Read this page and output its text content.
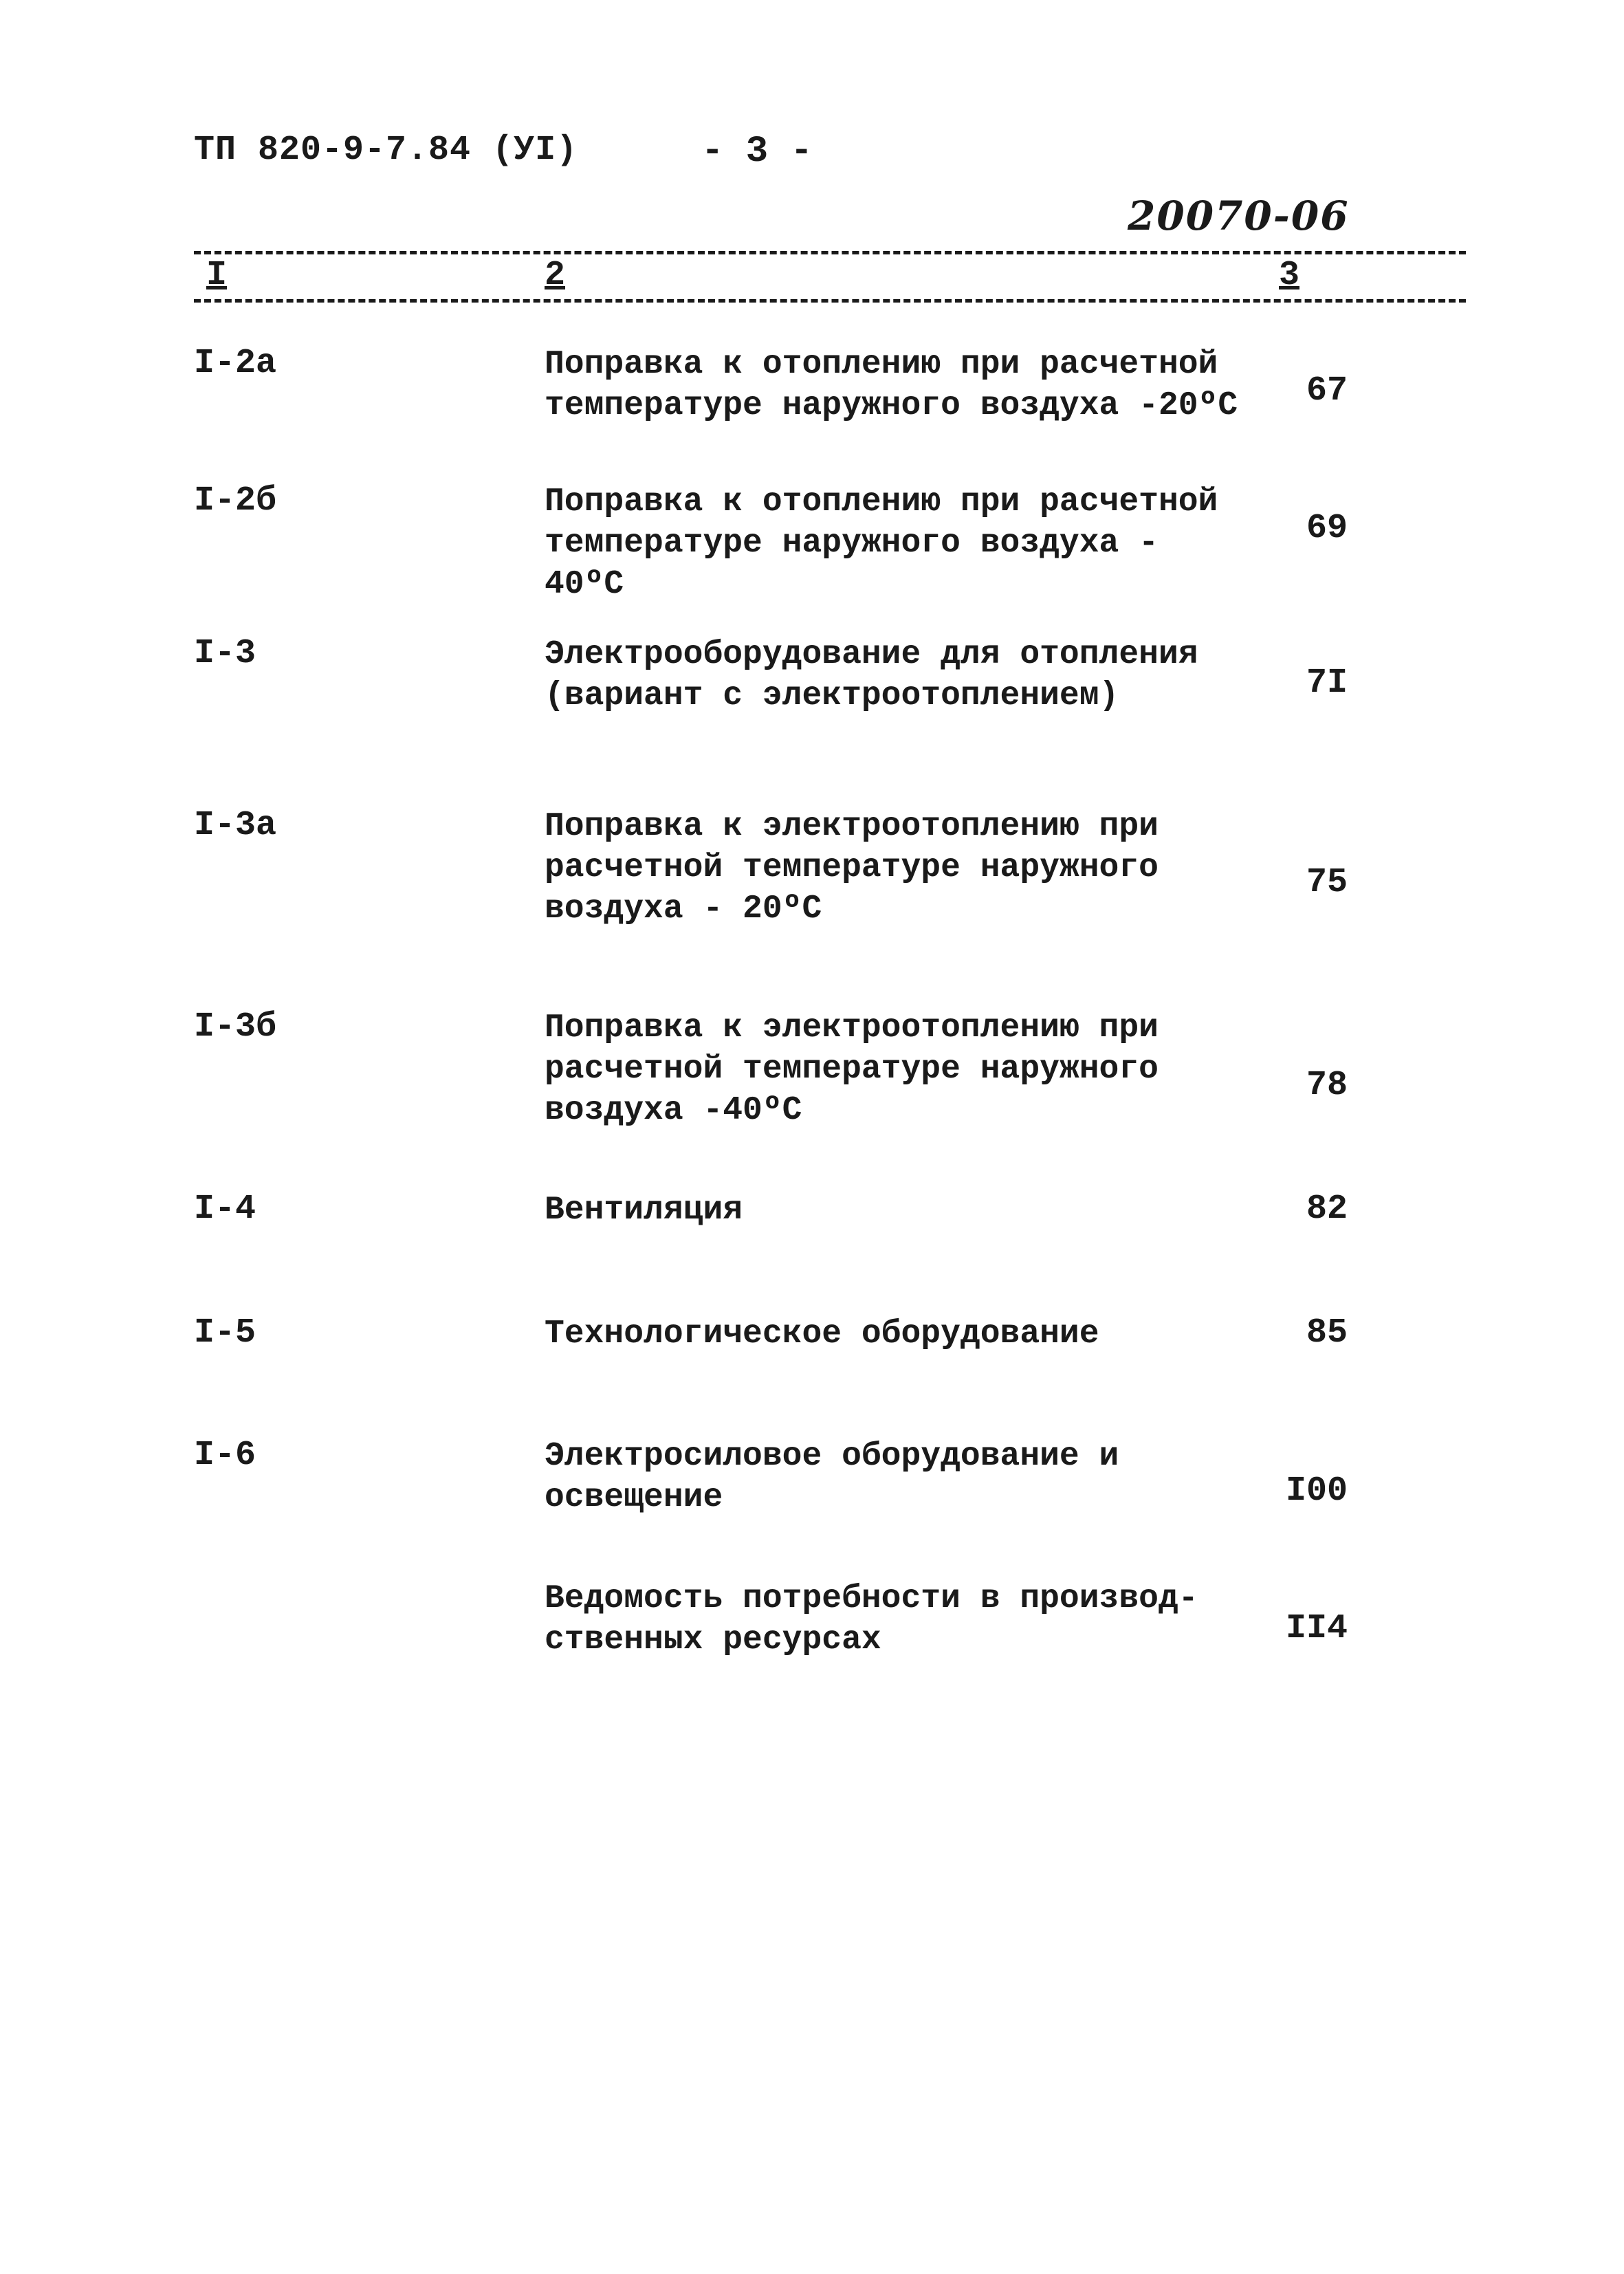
ТП 820-9-7.84 (УI)	- 3 -
20070-06
I	2	3
I-2а	Поправка к отоплению при расчетной
температуре наружного воздуха -20ºС	67
I-2б	Поправка к отоплению при расчетной
температуре наружного воздуха - 40ºС
69
I-3	Электрооборудование для отопления
(вариант с электроотоплением)	7I
I-3а	Поправка к электроотоплению при
расчетной температуре наружного
воздуха - 20ºС
75
I-3б	Поправка к электроотоплению при
расчетной температуре наружного
воздуха -40ºС
78
I-4	Вентиляция	82
I-5	Технологическое оборудование	85
I-6	Электросиловое оборудование и
освещение	I00
Ведомость потребности в производ-
ственных ресурсах	II4
